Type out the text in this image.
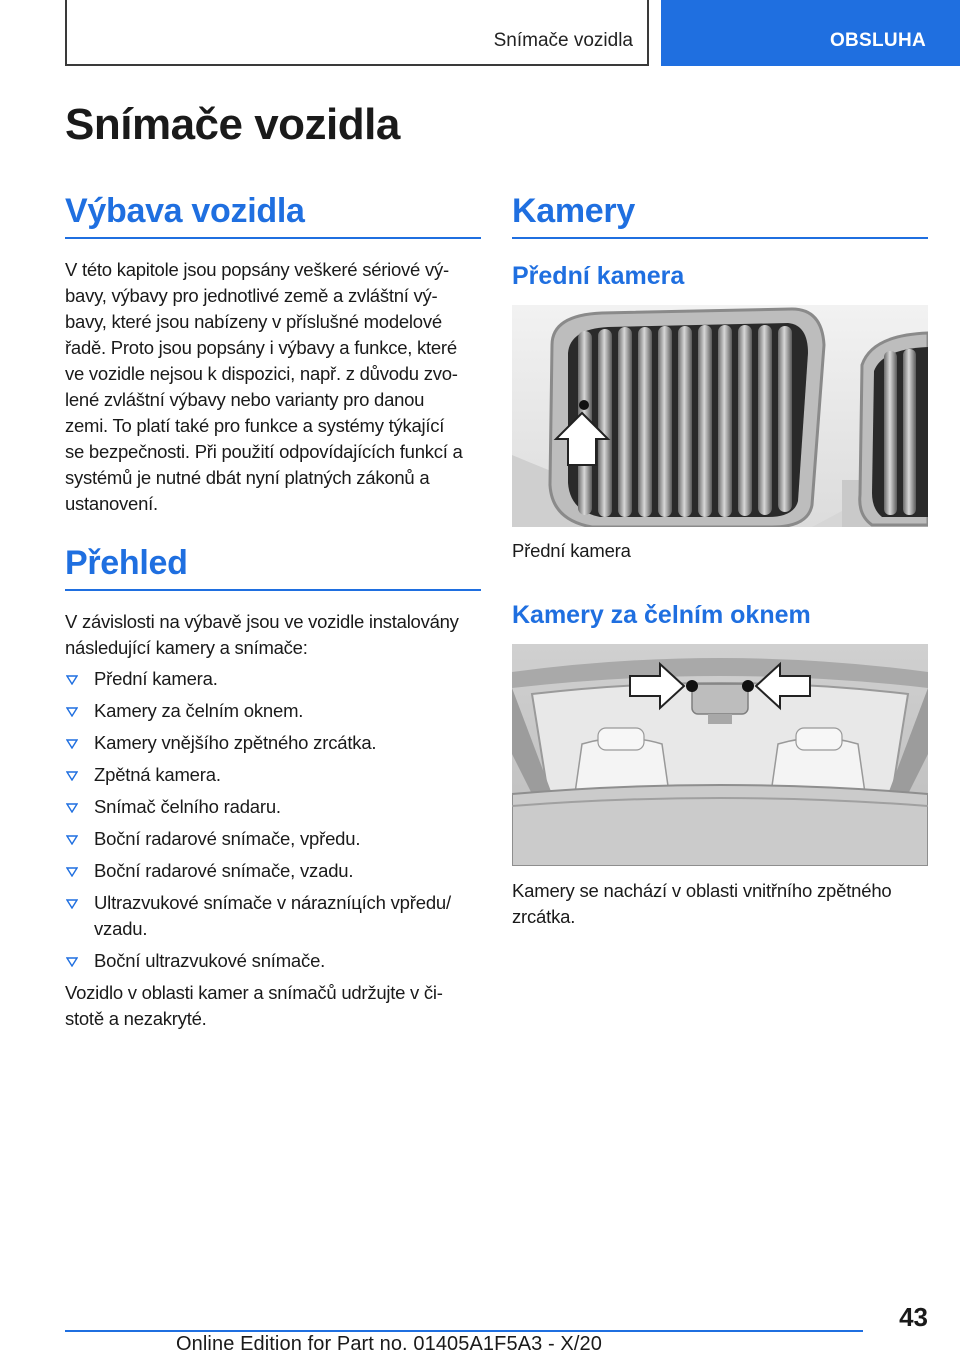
Snímače vozidla	OBSLUHA
Snímače vozidla
Výbava vozidla
V této kapitole jsou popsány veškeré sériové vý-
bavy, výbavy pro jednotlivé země a zvláštní vý-
bavy, které jsou nabízeny v příslušné modelové
řadě. Proto jsou popsány i výbavy a funkce, které
ve vozidle nejsou k dispozici, např. z důvodu zvo-
lené zvláštní výbavy nebo varianty pro danou
zemi. To platí také pro funkce a systémy týkající
se bezpečnosti. Při použití odpovídajících funkcí a
systémů je nutné dbát nyní platných zákonů a
ustanovení.
Přehled
V závislosti na výbavě jsou ve vozidle instalovány
následující kamery a snímače:
Přední kamera.
Kamery za čelním oknem.
Kamery vnějšího zpětného zrcátka.
Zpětná kamera.
Snímač čelního radaru.
Boční radarové snímače, vpředu.
Boční radarové snímače, vzadu.
Ultrazvukové snímače v nárazníцích vpředu/ vzadu.
Boční ultrazvukové snímače.
Vozidlo v oblasti kamer a snímačů udržujte v či-
stotě a nezakryté.
Kamery
Přední kamera
Přední kamera
Kamery za čelním oknem
Kamery se nachází v oblasti vnitřního zpětného
zrcátka.
43
Online Edition for Part no. 01405A1F5A3 - X/20
